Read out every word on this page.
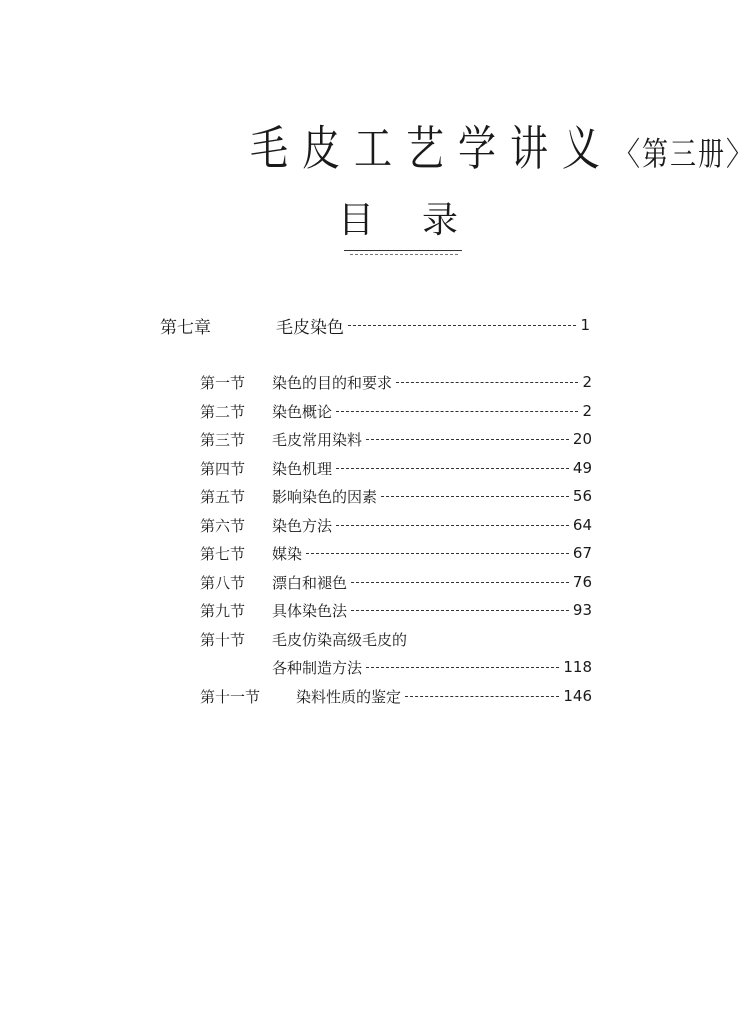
毛皮工艺学讲义〈第三册〉
目录
第七章	毛皮染色	1
第一节	染色的目的和要求	2
第二节	染色概论	2
第三节	毛皮常用染料	20
第四节	染色机理	49
第五节	影响染色的因素	56
第六节	染色方法	64
第七节	媒染	67
第八节	漂白和褪色	76
第九节	具体染色法	93
第十节	毛皮仿染高级毛皮的
各种制造方法	118
第十一节	染料性质的鉴定	146
